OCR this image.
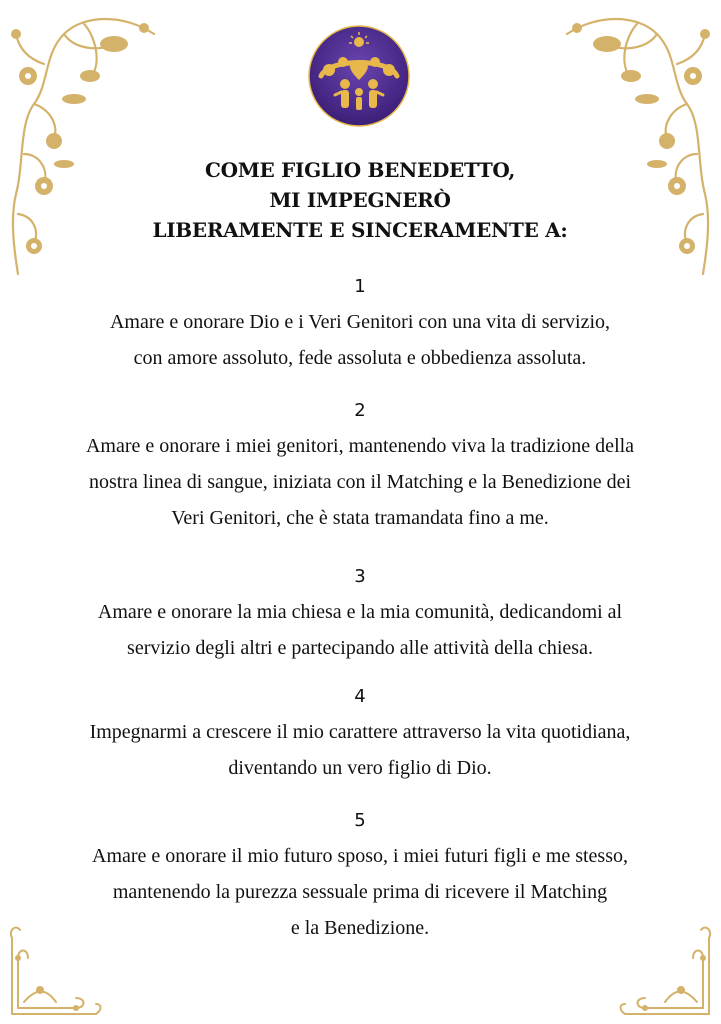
COME FIGLIO BENEDETTO,
MI IMPEGNERÒ
LIBERAMENTE E SINCERAMENTE A:
1
Amare e onorare Dio e i Veri Genitori con una vita di servizio,
con amore assoluto, fede assoluta e obbedienza assoluta.
2
Amare e onorare i miei genitori, mantenendo viva la tradizione della
nostra linea di sangue, iniziata con il Matching e la Benedizione dei
Veri Genitori, che è stata tramandata fino a me.
3
Amare e onorare la mia chiesa e la mia comunità, dedicandomi al
servizio degli altri e partecipando alle attività della chiesa.
4
Impegnarmi a crescere il mio carattere attraverso la vita quotidiana,
diventando un vero figlio di Dio.
5
Amare e onorare il mio futuro sposo, i miei futuri figli e me stesso,
mantenendo la purezza sessuale prima di ricevere il Matching
e la Benedizione.
